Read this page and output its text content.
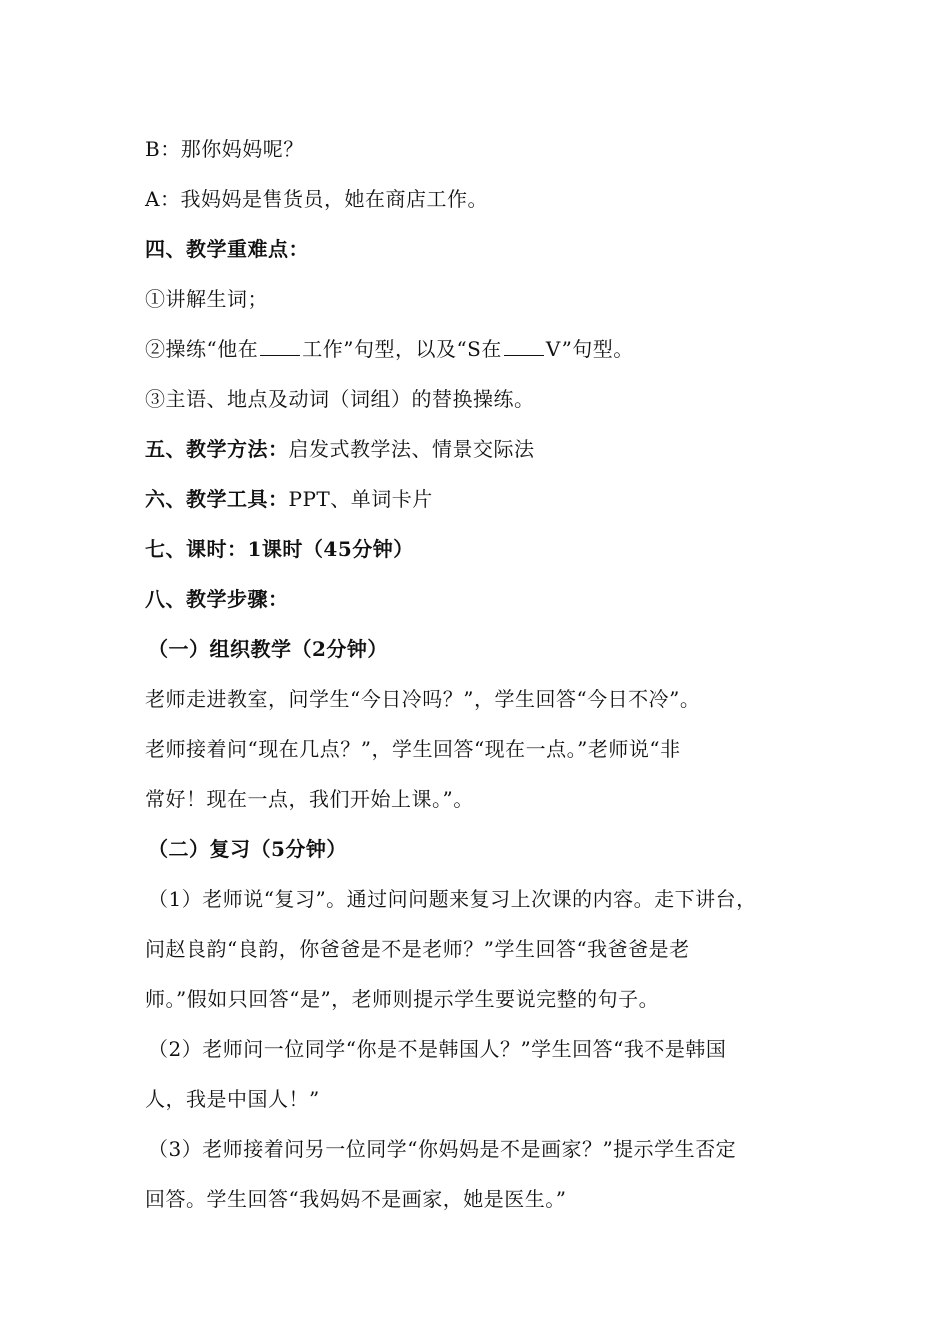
B：那你妈妈呢？
A：我妈妈是售货员，她在商店工作。
四、教学重难点：
①讲解生词；
②操练“他在 工作”句型，以及“S在 V”句型。
③主语、地点及动词（词组）的替换操练。
五、教学方法：启发式教学法、情景交际法
六、教学工具：PPT、单词卡片
七、课时：1课时（45分钟）
八、教学步骤：
（一）组织教学（2分钟）
老师走进教室，问学生“今日冷吗？”，学生回答“今日不冷”。
老师接着问“现在几点？”，学生回答“现在一点。”老师说“非
常好！现在一点，我们开始上课。”。
（二）复习（5分钟）
（1）老师说“复习”。通过问问题来复习上次课的内容。走下讲台，
问赵良韵“良韵，你爸爸是不是老师？”学生回答“我爸爸是老
师。”假如只回答“是”，老师则提示学生要说完整的句子。
（2）老师问一位同学“你是不是韩国人？”学生回答“我不是韩国
人，我是中国人！”
（3）老师接着问另一位同学“你妈妈是不是画家？”提示学生否定
回答。学生回答“我妈妈不是画家，她是医生。”
